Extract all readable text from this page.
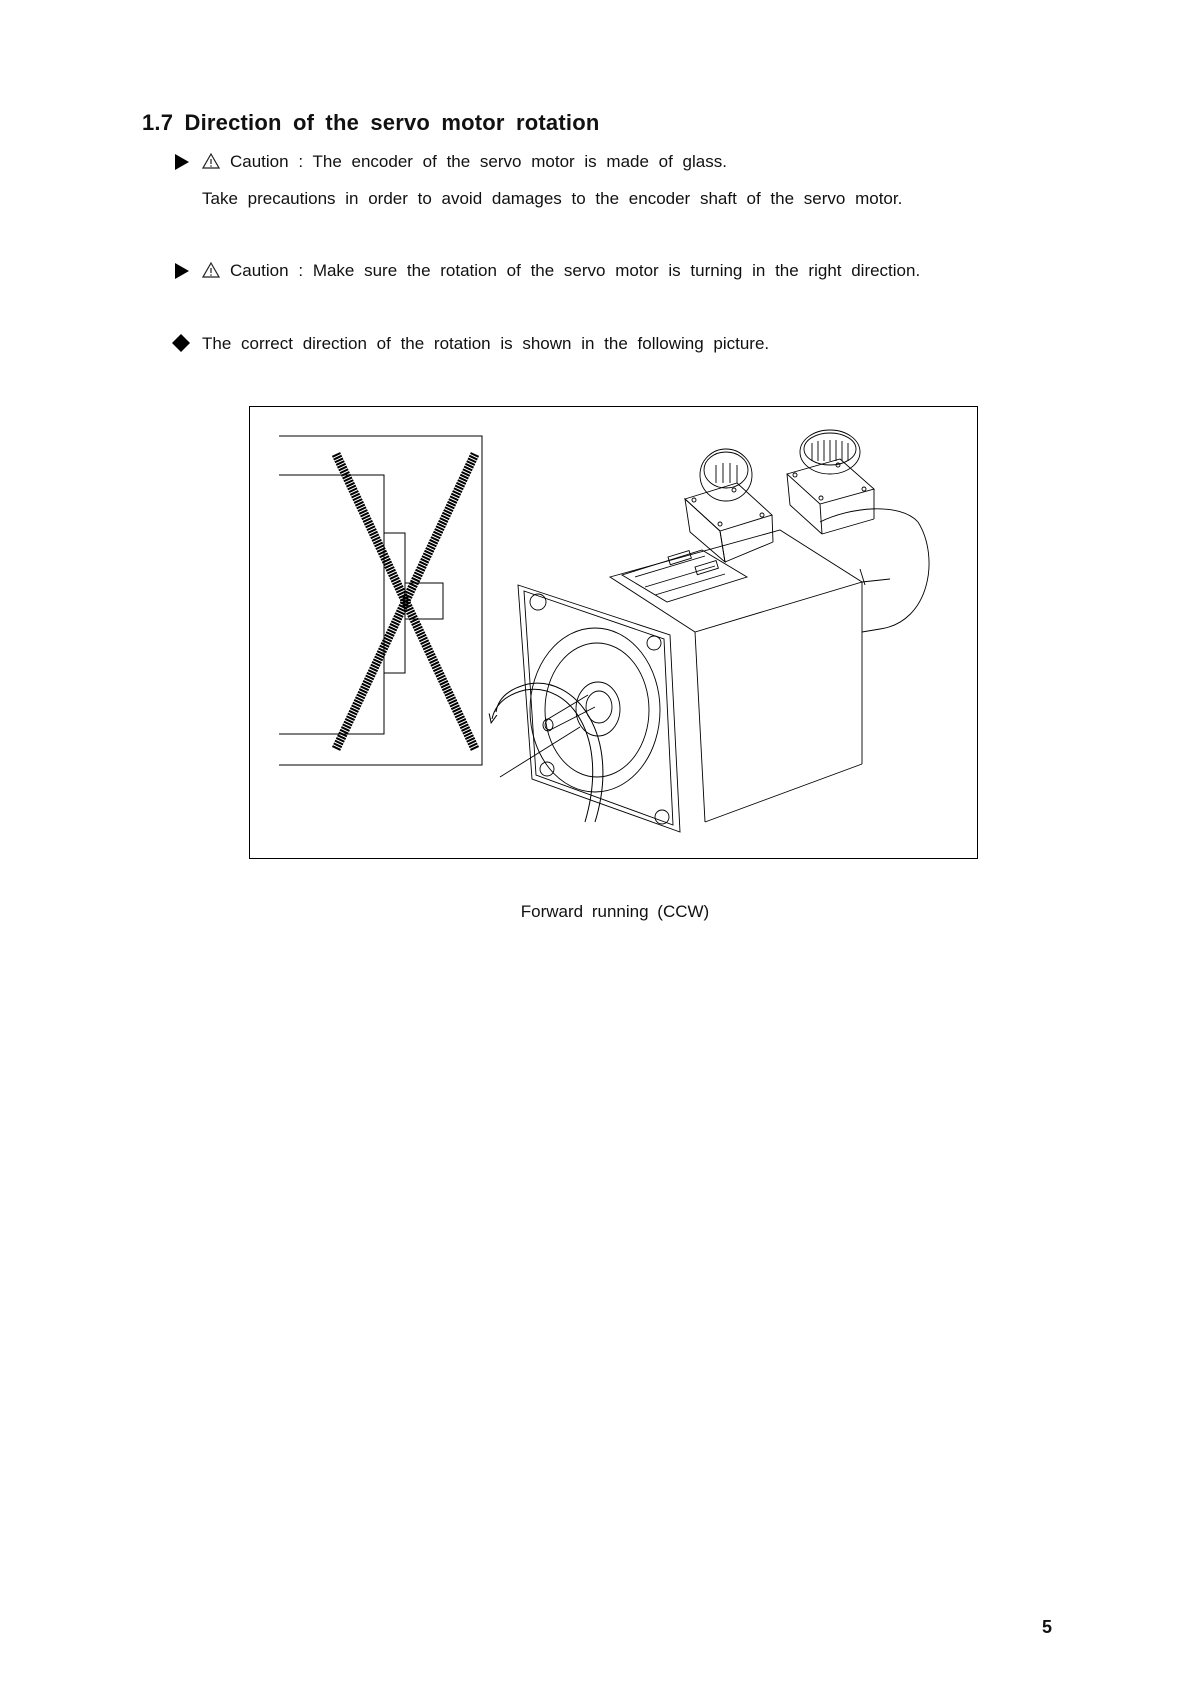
1.7 Direction of the servo motor rotation
Caution : The encoder of the servo motor is made of glass.
Take precautions in order to avoid damages to the encoder shaft of the servo motor.
Caution : Make sure the rotation of the servo motor is turning in the right direction.
The correct direction of the rotation is shown in the following picture.
Forward running (CCW)
5
